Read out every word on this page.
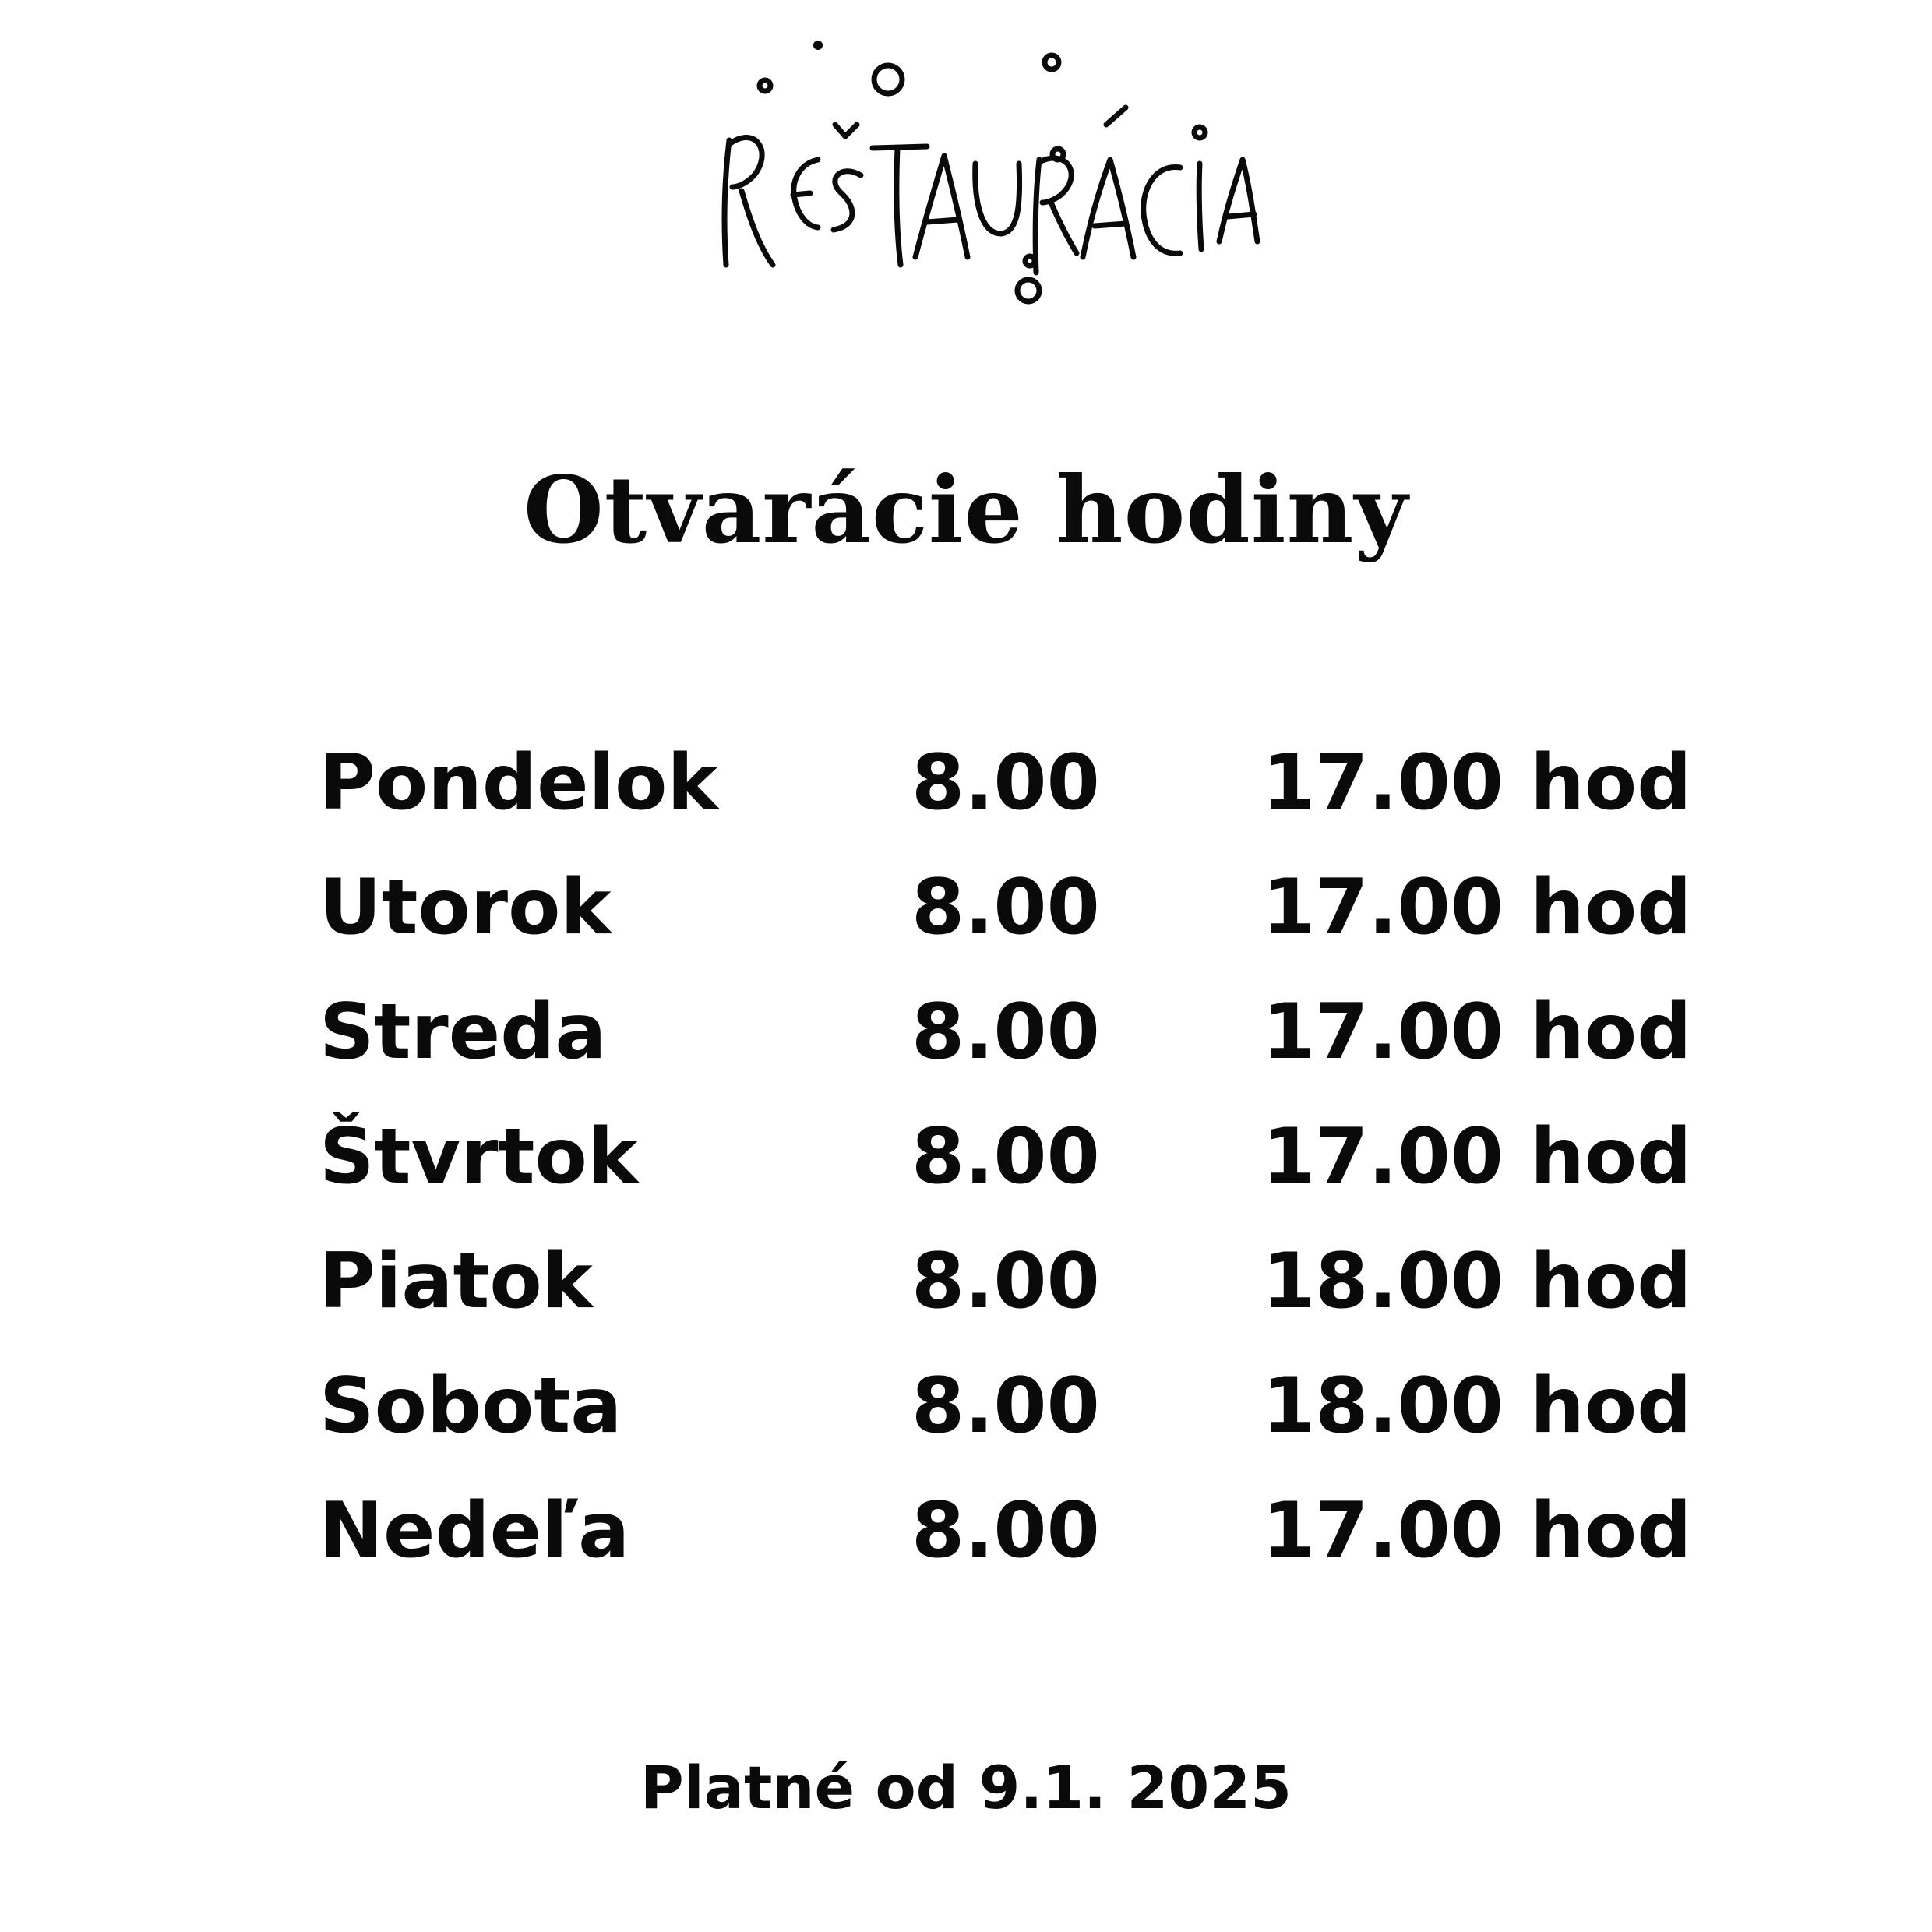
Otvarácie hodiny
Pondelok	8.00 17.00 hod
Utorok	8.00 17.00 hod
Streda	8.00 17.00 hod
Štvrtok	8.00 17.00 hod
Piatok	8.00 18.00 hod
Sobota	8.00 18.00 hod
Nedeľa	8.00 17.00 hod
Platné od 9.1. 2025
